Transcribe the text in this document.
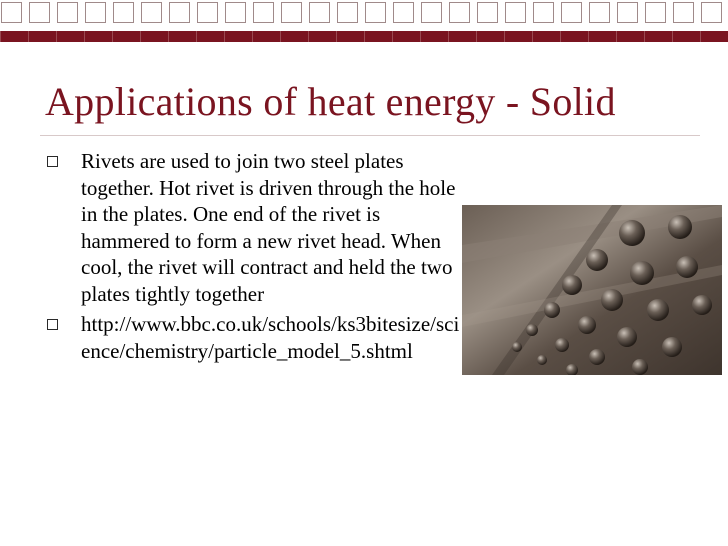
Applications of heat energy - Solid
Rivets are used to join two steel plates together. Hot rivet is driven through the hole in the plates. One end of the rivet is hammered to form a new rivet head. When cool, the rivet will contract and held the two plates tightly together
http://www.bbc.co.uk/schools/ks3bitesize/science/chemistry/particle_model_5.shtml
